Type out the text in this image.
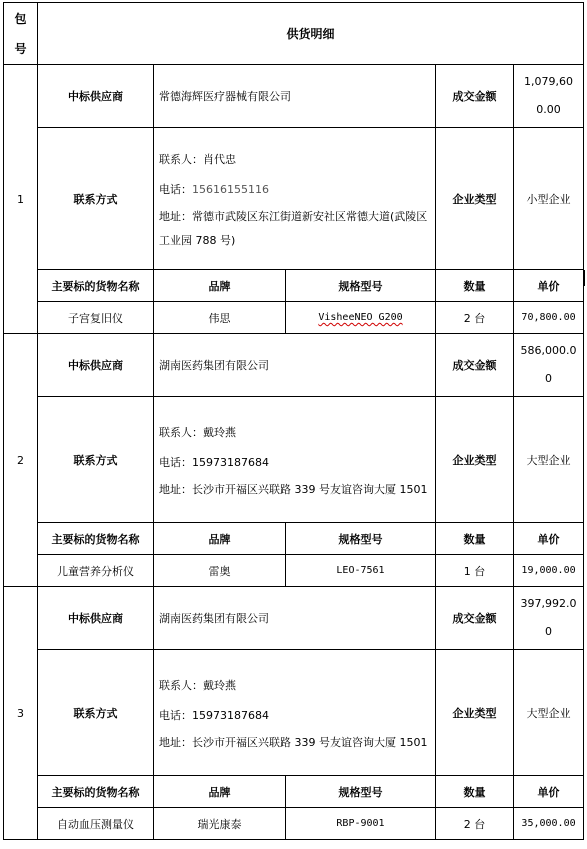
包
号	供货明细				
1	中标供应商	常德海辉医疗器械有限公司		成交金额	1,079,600.00
	联系方式	联系人：肖代忠
电话：15616155116
地址：常德市武陵区东江街道新安社区常德大道(武陵区工业园 788 号)		企业类型	小型企业
	主要标的货物名称	品牌	规格型号	数量	单价
	子宫复旧仪	伟思	VisheeNEO G200	2 台	70,800.00
2	中标供应商	湖南医药集团有限公司		成交金额	586,000.00
	联系方式	联系人：戴玲燕
电话：15973187684
地址：长沙市开福区兴联路 339 号友谊咨询大厦 1501		企业类型	大型企业
	主要标的货物名称	品牌	规格型号	数量	单价
	儿童营养分析仪	雷奥	LEO-7561	1 台	19,000.00
3	中标供应商	湖南医药集团有限公司		成交金额	397,992.00
	联系方式	联系人：戴玲燕
电话：15973187684
地址：长沙市开福区兴联路 339 号友谊咨询大厦 1501		企业类型	大型企业
	主要标的货物名称	品牌	规格型号	数量	单价
	自动血压测量仪	瑞光康泰	RBP-9001	2 台	35,000.00
